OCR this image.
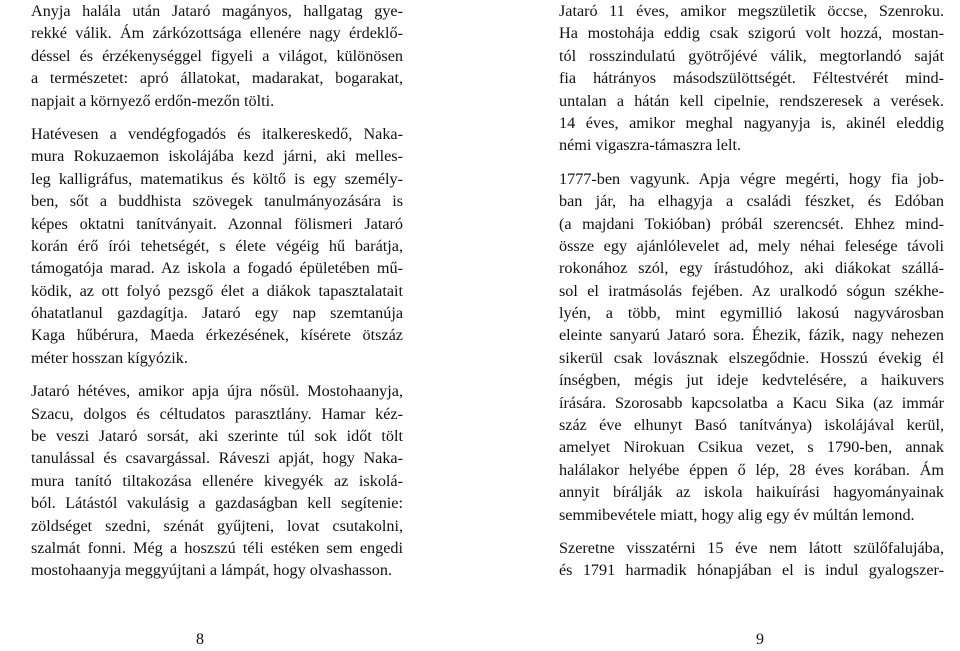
Anyja halála után Jataró magányos, hallgatag gye-
rekké válik. Ám zárkózottsága ellenére nagy érdeklő-
déssel és érzékenységgel figyeli a világot, különösen
a természetet: apró állatokat, madarakat, bogarakat,
napjait a környező erdőn-mezőn tölti.
Hatévesen a vendégfogadós és italkereskedő, Naka-
mura Rokuzaemon iskolájába kezd járni, aki melles-
leg kalligráfus, matematikus és költő is egy személy-
ben, sőt a buddhista szövegek tanulmányozására is
képes oktatni tanítványait. Azonnal fölismeri Jataró
korán érő írói tehetségét, s élete végéig hű barátja,
támogatója marad. Az iskola a fogadó épületében mű-
ködik, az ott folyó pezsgő élet a diákok tapasztalatait
óhatatlanul gazdagítja. Jataró egy nap szemtanúja
Kaga hűbérura, Maeda érkezésének, kísérete ötszáz
méter hosszan kígyózik.
Jataró hétéves, amikor apja újra nősül. Mostohaanyja,
Szacu, dolgos és céltudatos parasztlány. Hamar kéz-
be veszi Jataró sorsát, aki szerinte túl sok időt tölt
tanulással és csavargással. Ráveszi apját, hogy Naka-
mura tanító tiltakozása ellenére kivegyék az iskolá-
ból. Látástól vakulásig a gazdaságban kell segítenie:
zöldséget szedni, szénát gyűjteni, lovat csutakolni,
szalmát fonni. Még a hoszszú téli estéken sem engedi
mostohaanyja meggyújtani a lámpát, hogy olvashasson.
Jataró 11 éves, amikor megszületik öccse, Szenroku.
Ha mostohája eddig csak szigorú volt hozzá, mostan-
tól rosszindulatú gyötrőjévé válik, megtorlandó saját
fia hátrányos másodszülöttségét. Féltestvérét mind-
untalan a hátán kell cipelnie, rendszeresek a verések.
14 éves, amikor meghal nagyanyja is, akinél eleddig
némi vigaszra-támaszra lelt.
1777-ben vagyunk. Apja végre megérti, hogy fia job-
ban jár, ha elhagyja a családi fészket, és Edóban
(a majdani Tokióban) próbál szerencsét. Ehhez mind-
össze egy ajánlólevelet ad, mely néhai felesége távoli
rokonához szól, egy írástudóhoz, aki diákokat szállá-
sol el iratmásolás fejében. Az uralkodó sógun székhe-
lyén, a több, mint egymillió lakosú nagyvárosban
eleinte sanyarú Jataró sora. Éhezik, fázik, nagy nehezen
sikerül csak lovásznak elszegődnie. Hosszú évekig él
ínségben, mégis jut ideje kedvtelésére, a haikuvers
írására. Szorosabb kapcsolatba a Kacu Sika (az immár
száz éve elhunyt Basó tanítványa) iskolájával kerül,
amelyet Nirokuan Csikua vezet, s 1790-ben, annak
halálakor helyébe éppen ő lép, 28 éves korában. Ám
annyit bírálják az iskola haikuírási hagyományainak
semmibevétele miatt, hogy alig egy év múltán lemond.
Szeretne visszatérni 15 éve nem látott szülőfalujába,
és 1791 harmadik hónapjában el is indul gyalogszer-
8	9
